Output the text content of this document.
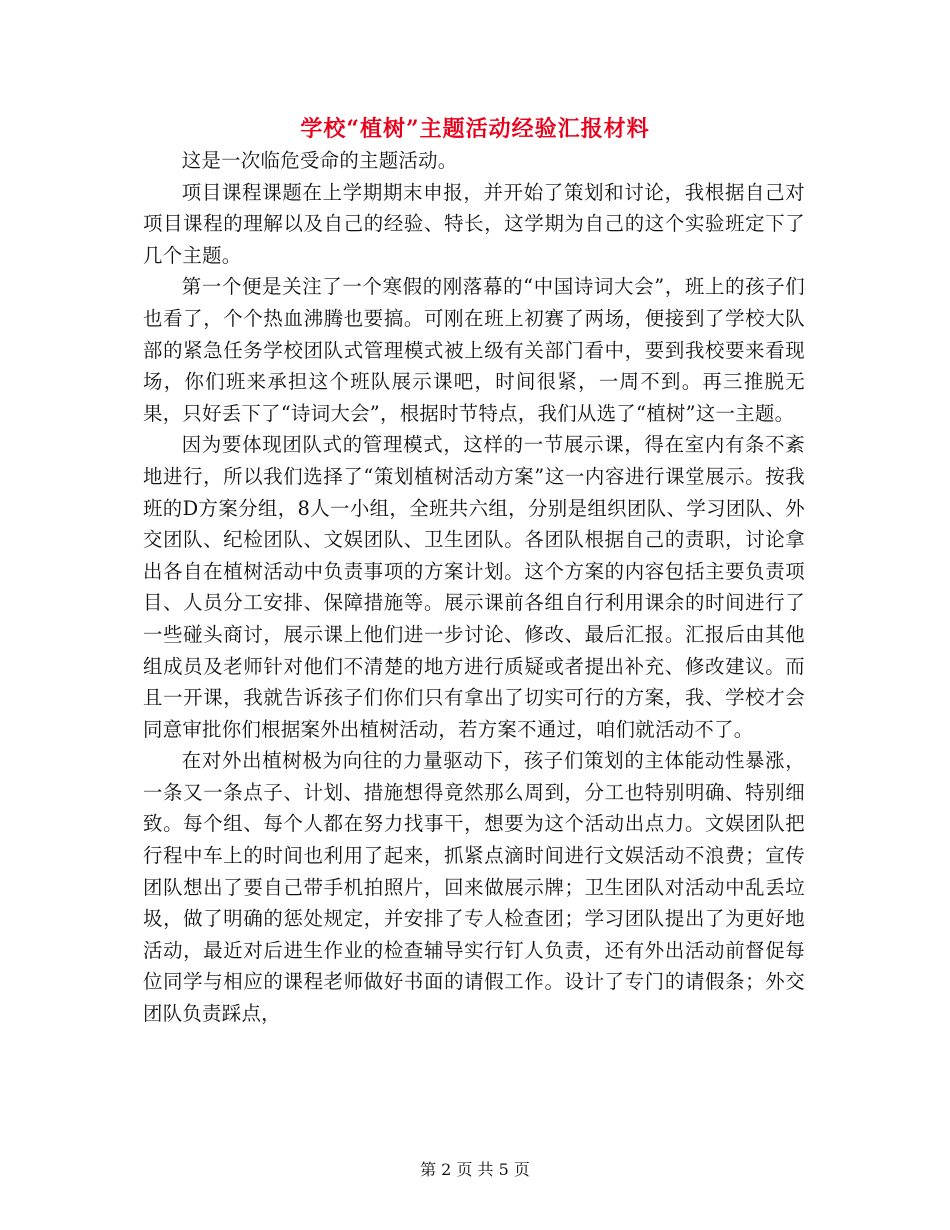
学校“植树”主题活动经验汇报材料

这是一次临危受命的主题活动。

项目课程课题在上学期期末申报，并开始了策划和讨论，我根据自己对项目课程的理解以及自己的经验、特长，这学期为自己的这个实验班定下了几个主题。

第一个便是关注了一个寒假的刚落幕的“中国诗词大会”，班上的孩子们也看了，个个热血沸腾也要搞。可刚在班上初赛了两场，便接到了学校大队部的紧急任务学校团队式管理模式被上级有关部门看中，要到我校要来看现场，你们班来承担这个班队展示课吧，时间很紧，一周不到。再三推脱无果，只好丢下了“诗词大会”，根据时节特点，我们从选了“植树”这一主题。

因为要体现团队式的管理模式，这样的一节展示课，得在室内有条不紊地进行，所以我们选择了“策划植树活动方案”这一内容进行课堂展示。按我班的D方案分组，8人一小组，全班共六组，分别是组织团队、学习团队、外交团队、纪检团队、文娱团队、卫生团队。各团队根据自己的责职，讨论拿出各自在植树活动中负责事项的方案计划。这个方案的内容包括主要负责项目、人员分工安排、保障措施等。展示课前各组自行利用课余的时间进行了一些碰头商讨，展示课上他们进一步讨论、修改、最后汇报。汇报后由其他组成员及老师针对他们不清楚的地方进行质疑或者提出补充、修改建议。而且一开课，我就告诉孩子们你们只有拿出了切实可行的方案，我、学校才会同意审批你们根据案外出植树活动，若方案不通过，咱们就活动不了。

在对外出植树极为向往的力量驱动下，孩子们策划的主体能动性暴涨，一条又一条点子、计划、措施想得竟然那么周到，分工也特别明确、特别细致。每个组、每个人都在努力找事干，想要为这个活动出点力。文娱团队把行程中车上的时间也利用了起来，抓紧点滴时间进行文娱活动不浪费；宣传团队想出了要自己带手机拍照片，回来做展示牌；卫生团队对活动中乱丢垃圾，做了明确的惩处规定，并安排了专人检查团；学习团队提出了为更好地活动，最近对后进生作业的检查辅导实行钉人负责，还有外出活动前督促每位同学与相应的课程老师做好书面的请假工作。设计了专门的请假条；外交团队负责踩点，

第 2 页 共 5 页
